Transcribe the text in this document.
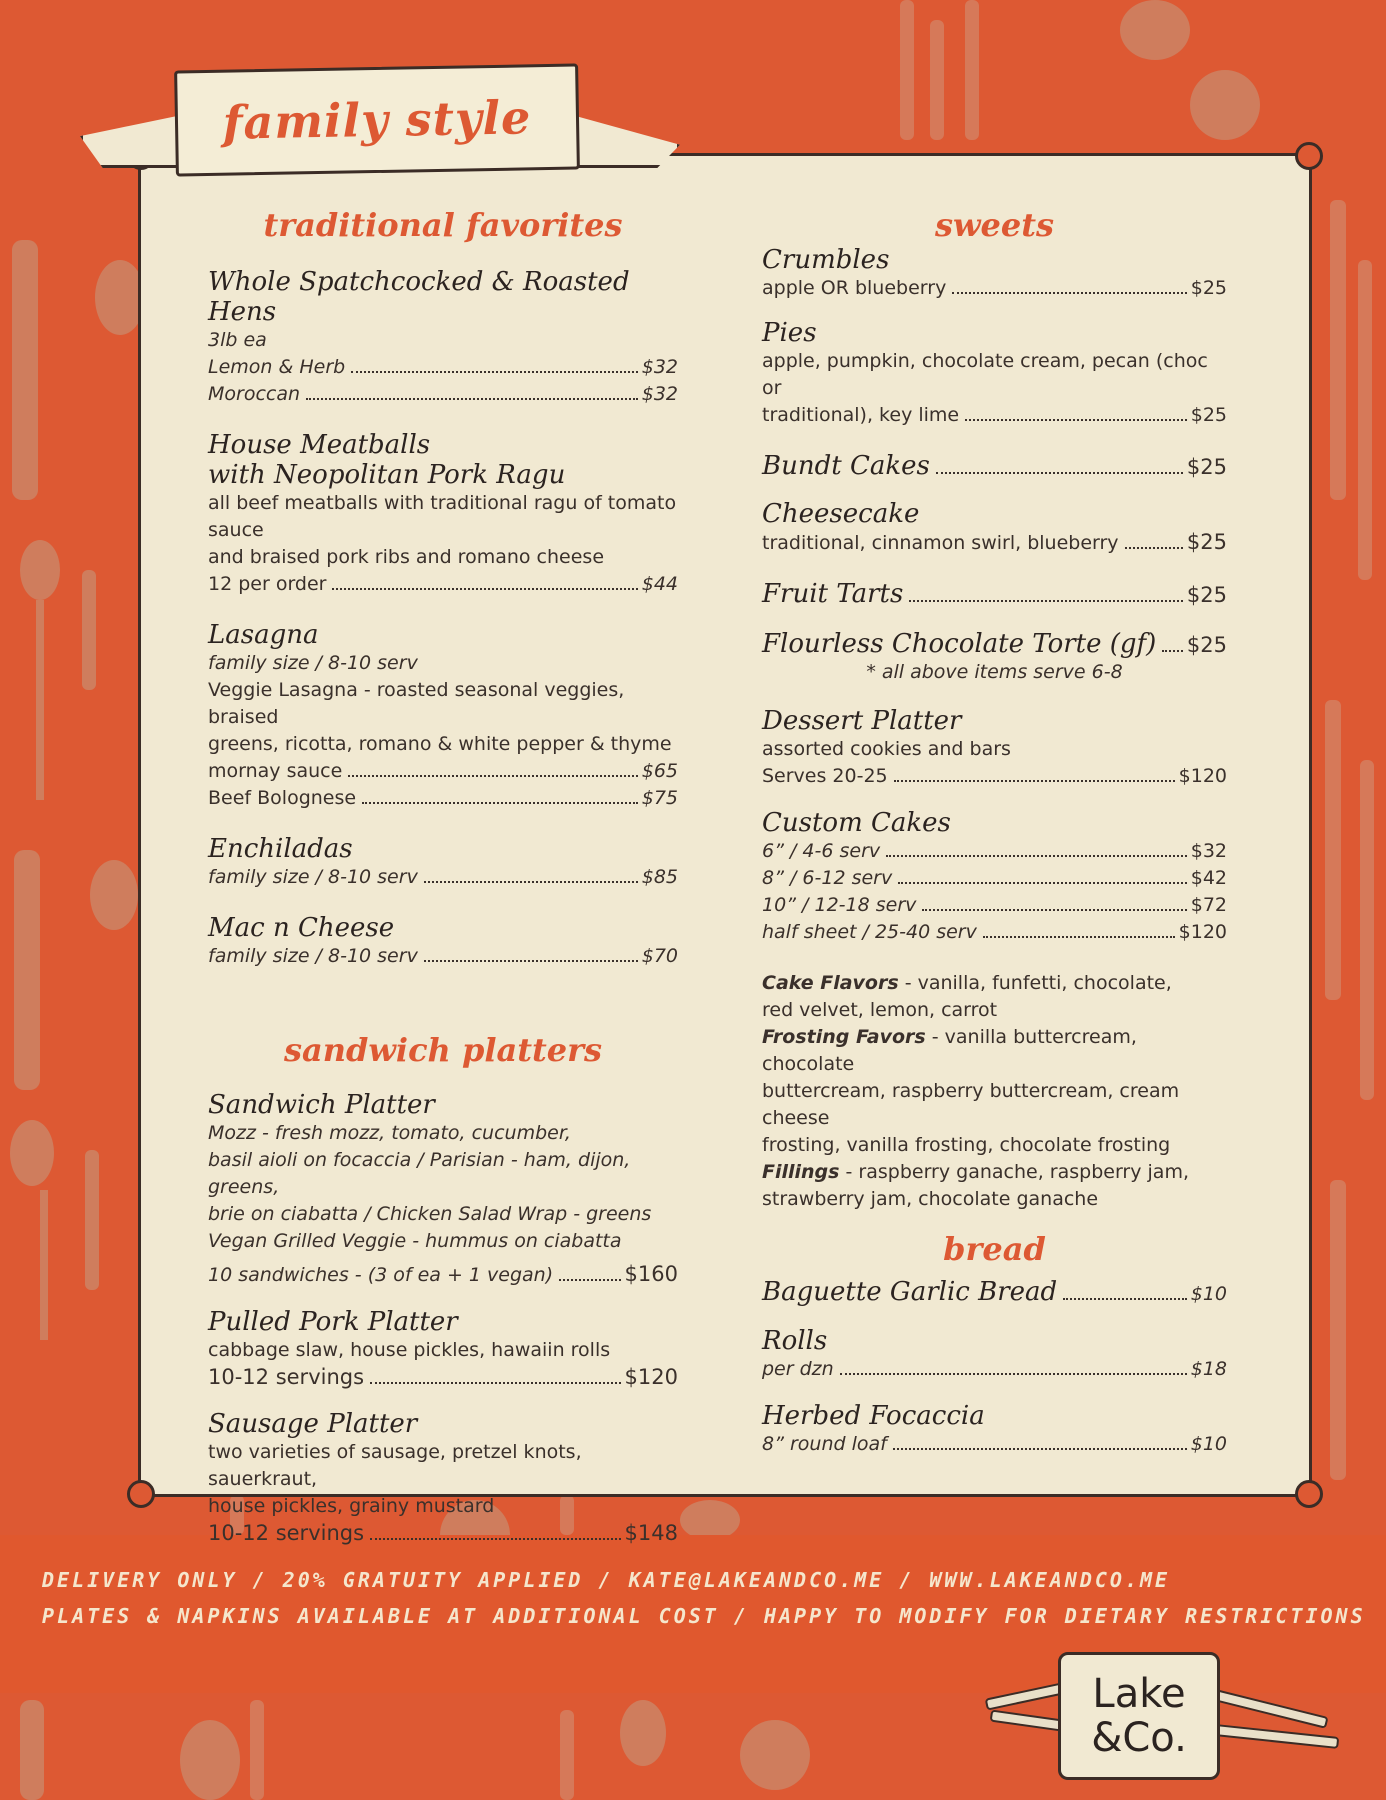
family style
traditional favorites

Whole Spatchcocked & Roasted Hens

3lb ea
Lemon & Herb	$32
Moroccan	$32

House Meatballs

with Neopolitan Pork Ragu

all beef meatballs with traditional ragu of tomato sauce
and braised pork ribs and romano cheese
12 per order	$44

Lasagna

family size / 8-10 serv
Veggie Lasagna - roasted seasonal veggies, braised
greens, ricotta, romano & white pepper & thyme
mornay sauce	$65
Beef Bolognese	$75

Enchiladas

family size / 8-10 serv	$85

Mac n Cheese

family size / 8-10 serv	$70
sandwich platters

Sandwich Platter

Mozz - fresh mozz, tomato, cucumber,
basil aioli on focaccia / Parisian - ham, dijon, greens,
brie on ciabatta / Chicken Salad Wrap - greens
Vegan Grilled Veggie - hummus on ciabatta
10 sandwiches - (3 of ea + 1 vegan)	$160

Pulled Pork Platter

cabbage slaw, house pickles, hawaiin rolls
10-12 servings	$120

Sausage Platter

two varieties of sausage, pretzel knots, sauerkraut,
house pickles, grainy mustard
10-12 servings	$148
sweets

Crumbles

apple OR blueberry	$25

Pies

apple, pumpkin, chocolate cream, pecan (choc or
traditional), key lime	$25
Bundt Cakes	$25

Cheesecake

traditional, cinnamon swirl, blueberry	$25
Fruit Tarts	$25
Flourless Chocolate Torte (gf) $25
* all above items serve 6-8

Dessert Platter

assorted cookies and bars
Serves 20-25	$120

Custom Cakes

6” / 4-6 serv	$32
8” / 6-12 serv	$42
10” / 12-18 serv	$72
half sheet / 25-40 serv	$120
Cake Flavors - vanilla, funfetti, chocolate,
red velvet, lemon, carrot
Frosting Favors - vanilla buttercream, chocolate
buttercream, raspberry buttercream, cream cheese
frosting, vanilla frosting, chocolate frosting
Fillings - raspberry ganache, raspberry jam,
strawberry jam, chocolate ganache
bread
Baguette Garlic Bread	$10

Rolls

per dzn	$18

Herbed Focaccia

8” round loaf	$10
DELIVERY ONLY / 20% GRATUITY APPLIED / KATE@LAKEANDCO.ME / WWW.LAKEANDCO.ME
PLATES & NAPKINS AVAILABLE AT ADDITIONAL COST / HAPPY TO MODIFY FOR DIETARY RESTRICTIONS
Lake
&Co.
